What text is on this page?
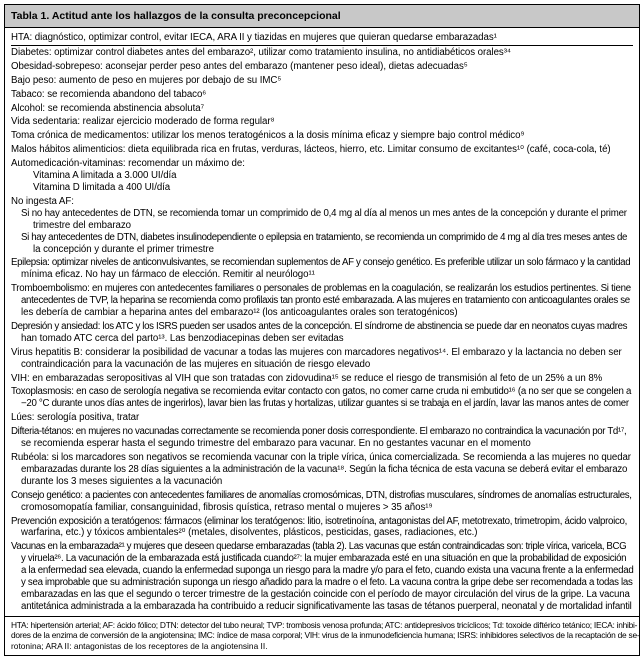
Tabla 1. Actitud ante los hallazgos de la consulta preconcepcional
HTA: diagnóstico, optimizar control, evitar IECA, ARA II y tiazidas en mujeres que quieran quedarse embarazadas¹
Diabetes: optimizar control diabetes antes del embarazo², utilizar como tratamiento insulina, no antidiabéticos orales³⁴
Obesidad-sobrepeso: aconsejar perder peso antes del embarazo (mantener peso ideal), dietas adecuadas⁵
Bajo peso: aumento de peso en mujeres por debajo de su IMC⁵
Tabaco: se recomienda abandono del tabaco⁶
Alcohol: se recomienda abstinencia absoluta⁷
Vida sedentaria: realizar ejercicio moderado de forma regular⁸
Toma crónica de medicamentos: utilizar los menos teratogénicos a la dosis mínima eficaz y siempre bajo control médico⁹
Malos hábitos alimenticios: dieta equilibrada rica en frutas, verduras, lácteos, hierro, etc. Limitar consumo de excitantes¹⁰ (café, coca-cola, té)
Automedicación-vitaminas: recomendar un máximo de:
Vitamina A limitada a 3.000 UI/día
Vitamina D limitada a 400 UI/día
No ingesta AF:
Si no hay antecedentes de DTN, se recomienda tomar un comprimido de 0,4 mg al día al menos un mes antes de la concepción y durante el primer
trimestre del embarazo
Si hay antecedentes de DTN, diabetes insulinodependiente o epilepsia en tratamiento, se recomienda un comprimido de 4 mg al día tres meses antes de
la concepción y durante el primer trimestre
Epilepsia: optimizar niveles de anticonvulsivantes, se recomiendan suplementos de AF y consejo genético. Es preferible utilizar un solo fármaco y la cantidad
mínima eficaz. No hay un fármaco de elección. Remitir al neurólogo¹¹
Tromboembolismo: en mujeres con antedecentes familiares o personales de problemas en la coagulación, se realizarán los estudios pertinentes. Si tiene
antecedentes de TVP, la heparina se recomienda como profilaxis tan pronto esté embarazada. A las mujeres en tratamiento con anticoagulantes orales se
les debería de cambiar a heparina antes del embarazo¹² (los anticoagulantes orales son teratogénicos)
Depresión y ansiedad: los ATC y los ISRS pueden ser usados antes de la concepción. El síndrome de abstinencia se puede dar en neonatos cuyas madres
han tomado ATC cerca del parto¹³. Las benzodiacepinas deben ser evitadas
Virus hepatitis B: considerar la posibilidad de vacunar a todas las mujeres con marcadores negativos¹⁴. El embarazo y la lactancia no deben ser
contraindicación para la vacunación de las mujeres en situación de riesgo elevado
VIH: en embarazadas seropositivas al VIH que son tratadas con zidovudina¹⁵ se reduce el riesgo de transmisión al feto de un 25% a un 8%
Toxoplasmosis: en caso de serología negativa se recomienda evitar contacto con gatos, no comer carne cruda ni embutido¹⁶ (a no ser que se congelen a
−20 °C durante unos días antes de ingerirlos), lavar bien las frutas y hortalizas, utilizar guantes si se trabaja en el jardín, lavar las manos antes de comer
Lúes: serología positiva, tratar
Difteria-tétanos: en mujeres no vacunadas correctamente se recomienda poner dosis correspondiente. El embarazo no contraindica la vacunación por Td¹⁷,
se recomienda esperar hasta el segundo trimestre del embarazo para vacunar. En no gestantes vacunar en el momento
Rubéola: si los marcadores son negativos se recomienda vacunar con la triple vírica, única comercializada. Se recomienda a las mujeres no quedar
embarazadas durante los 28 días siguientes a la administración de la vacuna¹⁸. Según la ficha técnica de esta vacuna se deberá evitar el embarazo
durante los 3 meses siguientes a la vacunación
Consejo genético: a pacientes con antecedentes familiares de anomalías cromosómicas, DTN, distrofias musculares, síndromes de anomalías estructurales,
cromosomopatía familiar, consanguinidad, fibrosis quística, retraso mental o mujeres > 35 años¹⁹
Prevención exposición a teratógenos: fármacos (eliminar los teratógenos: litio, isotretinoína, antagonistas del AF, metotrexato, trimetropim, ácido valproico,
warfarina, etc.) y tóxicos ambientales²⁰ (metales, disolventes, plásticos, pesticidas, gases, radiaciones, etc.)
Vacunas en la embarazada²¹ y mujeres que deseen quedarse embarazadas (tabla 2). Las vacunas que están contraindicadas son: triple vírica, varicela, BCG
y viruela²⁶. La vacunación de la embarazada está justificada cuando²⁷: la mujer embarazada esté en una situación en que la probabilidad de exposición
a la enfermedad sea elevada, cuando la enfermedad suponga un riesgo para la madre y/o para el feto, cuando exista una vacuna frente a la enfermedad
y sea improbable que su administración suponga un riesgo añadido para la madre o el feto. La vacuna contra la gripe debe ser recomendada a todas las
embarazadas en las que el segundo o tercer trimestre de la gestación coincide con el período de mayor circulación del virus de la gripe. La vacuna
antitetánica administrada a la embarazada ha contribuido a reducir significativamente las tasas de tétanos puerperal, neonatal y de mortalidad infantil
HTA: hipertensión arterial; AF: ácido fólico; DTN: detector del tubo neural; TVP: trombosis venosa profunda; ATC: antidepresivos tricíclicos; Td: toxoide diftérico tetánico; IECA: inhibi-
dores de la enzima de conversión de la angiotensina; IMC: índice de masa corporal; VIH: virus de la inmunodeficiencia humana; ISRS: inhibidores selectivos de la recaptación de se-
rotonina; ARA II: antagonistas de los receptores de la angiotensina II.
